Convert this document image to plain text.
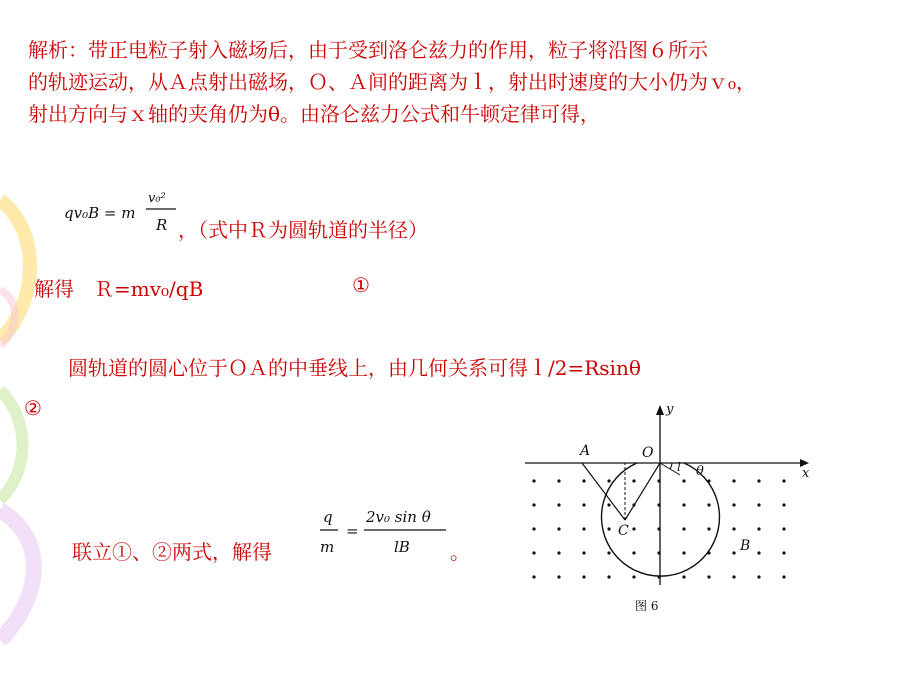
解析：带正电粒子射入磁场后，由于受到洛仑兹力的作用，粒子将沿图６所示
的轨迹运动，从Ａ点射出磁场，Ｏ、Ａ间的距离为ｌ，射出时速度的大小仍为ｖ₀，
射出方向与ｘ轴的夹角仍为θ。由洛仑兹力公式和牛顿定律可得，
qv₀B = m
v₀²
R ，（式中Ｒ为圆轨道的半径）
解得　Ｒ=mv₀/qB	①
圆轨道的圆心位于ＯＡ的中垂线上，由几何关系可得ｌ/2=Rsinθ
②
联立①、②两式，解得
q
m
=
2v₀ sin θ
lB 。
A	O
C
B
x
y
l θ
图 6
